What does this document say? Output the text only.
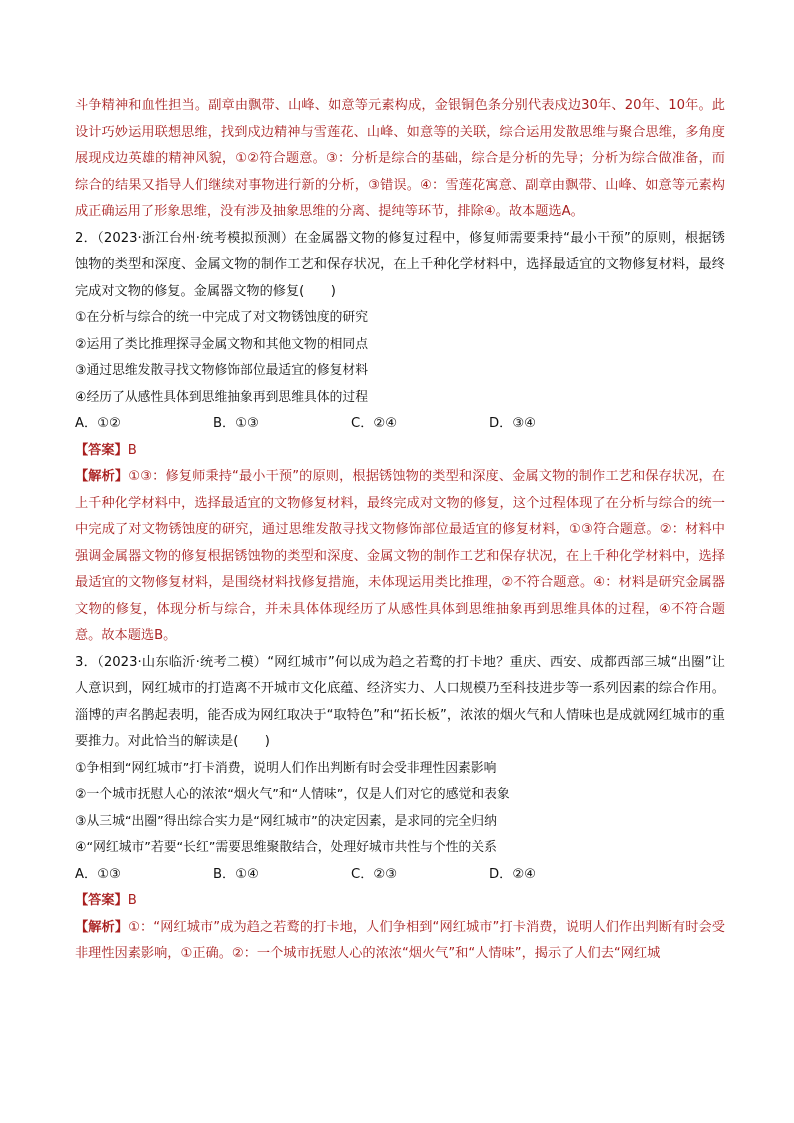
斗争精神和血性担当。副章由飘带、山峰、如意等元素构成，金银铜色条分别代表戍边30年、20年、10年。此设计巧妙运用联想思维，找到戍边精神与雪莲花、山峰、如意等的关联，综合运用发散思维与聚合思维，多角度展现戍边英雄的精神风貌，①②符合题意。③：分析是综合的基础，综合是分析的先导；分析为综合做准备，而综合的结果又指导人们继续对事物进行新的分析，③错误。④：雪莲花寓意、副章由飘带、山峰、如意等元素构成正确运用了形象思维，没有涉及抽象思维的分离、提纯等环节，排除④。故本题选A。

2．（2023·浙江台州·统考模拟预测）在金属器文物的修复过程中，修复师需要秉持“最小干预”的原则，根据锈蚀物的类型和深度、金属文物的制作工艺和保存状况，在上千种化学材料中，选择最适宜的文物修复材料，最终完成对文物的修复。金属器文物的修复(　　)

①在分析与综合的统一中完成了对文物锈蚀度的研究

②运用了类比推理探寻金属文物和其他文物的相同点

③通过思维发散寻找文物修饰部位最适宜的修复材料

④经历了从感性具体到思维抽象再到思维具体的过程

A．①②	B．①③	C．②④	D．③④

【答案】B

【解析】①③：修复师秉持“最小干预”的原则，根据锈蚀物的类型和深度、金属文物的制作工艺和保存状况，在上千种化学材料中，选择最适宜的文物修复材料，最终完成对文物的修复，这个过程体现了在分析与综合的统一中完成了对文物锈蚀度的研究，通过思维发散寻找文物修饰部位最适宜的修复材料，①③符合题意。②：材料中强调金属器文物的修复根据锈蚀物的类型和深度、金属文物的制作工艺和保存状况，在上千种化学材料中，选择最适宜的文物修复材料，是围绕材料找修复措施，未体现运用类比推理，②不符合题意。④：材料是研究金属器文物的修复，体现分析与综合，并未具体体现经历了从感性具体到思维抽象再到思维具体的过程，④不符合题意。故本题选B。

3．（2023·山东临沂·统考二模）“网红城市”何以成为趋之若鹜的打卡地？重庆、西安、成都西部三城“出圈”让人意识到，网红城市的打造离不开城市文化底蕴、经济实力、人口规模乃至科技进步等一系列因素的综合作用。淄博的声名鹊起表明，能否成为网红取决于“取特色”和“拓长板”，浓浓的烟火气和人情味也是成就网红城市的重要推力。对此恰当的解读是(　　)

①争相到“网红城市”打卡消费，说明人们作出判断有时会受非理性因素影响

②一个城市抚慰人心的浓浓“烟火气”和“人情味”，仅是人们对它的感觉和表象

③从三城“出圈”得出综合实力是“网红城市”的决定因素，是求同的完全归纳

④“网红城市”若要“长红”需要思维聚散结合，处理好城市共性与个性的关系

A．①③	B．①④	C．②③	D．②④

【答案】B

【解析】①：“网红城市”成为趋之若鹜的打卡地，人们争相到“网红城市”打卡消费，说明人们作出判断有时会受非理性因素影响，①正确。②：一个城市抚慰人心的浓浓“烟火气”和“人情味”，揭示了人们去“网红城
